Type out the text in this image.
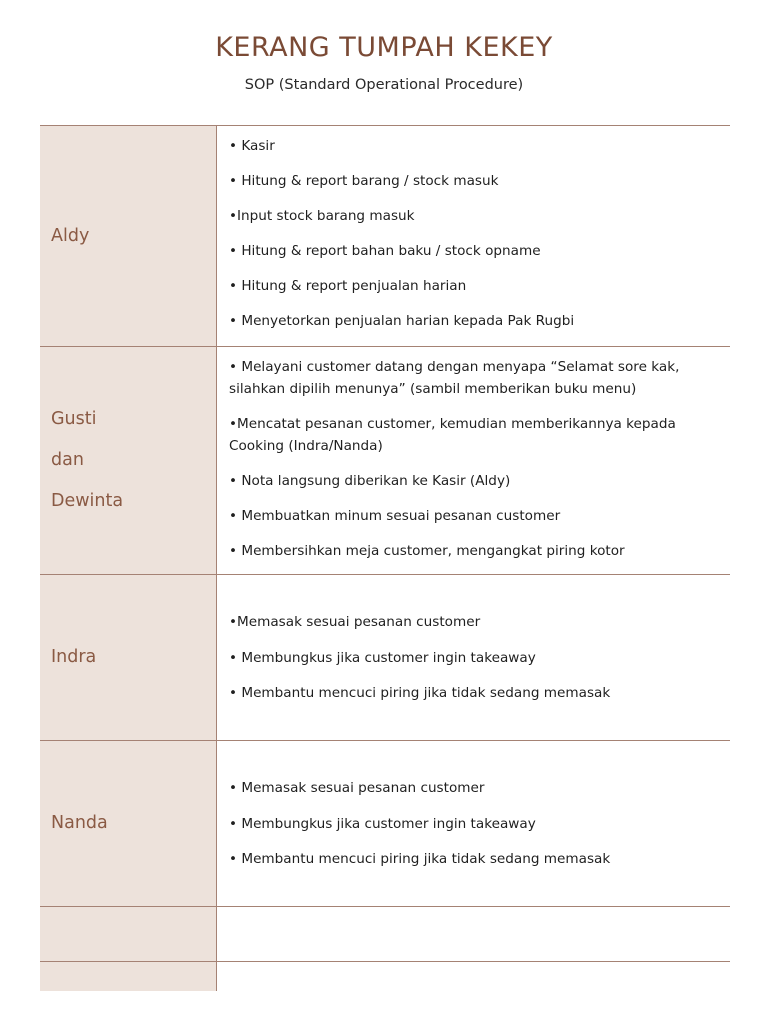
KERANG TUMPAH KEKEY
SOP (Standard Operational Procedure)
Aldy
• Kasir
• Hitung & report barang / stock masuk
•Input stock barang masuk
• Hitung & report bahan baku / stock opname
• Hitung & report penjualan harian
• Menyetorkan penjualan harian kepada Pak Rugbi
Gusti
dan
Dewinta
• Melayani customer datang dengan menyapa “Selamat sore kak, silahkan dipilih menunya” (sambil memberikan buku menu)
•Mencatat pesanan customer, kemudian memberikannya kepada Cooking (Indra/Nanda)
• Nota langsung diberikan ke Kasir (Aldy)
• Membuatkan minum sesuai pesanan customer
• Membersihkan meja customer, mengangkat piring kotor
Indra
•Memasak sesuai pesanan customer
• Membungkus jika customer ingin takeaway
• Membantu mencuci piring jika tidak sedang memasak
Nanda
• Memasak sesuai pesanan customer
• Membungkus jika customer ingin takeaway
• Membantu mencuci piring jika tidak sedang memasak
